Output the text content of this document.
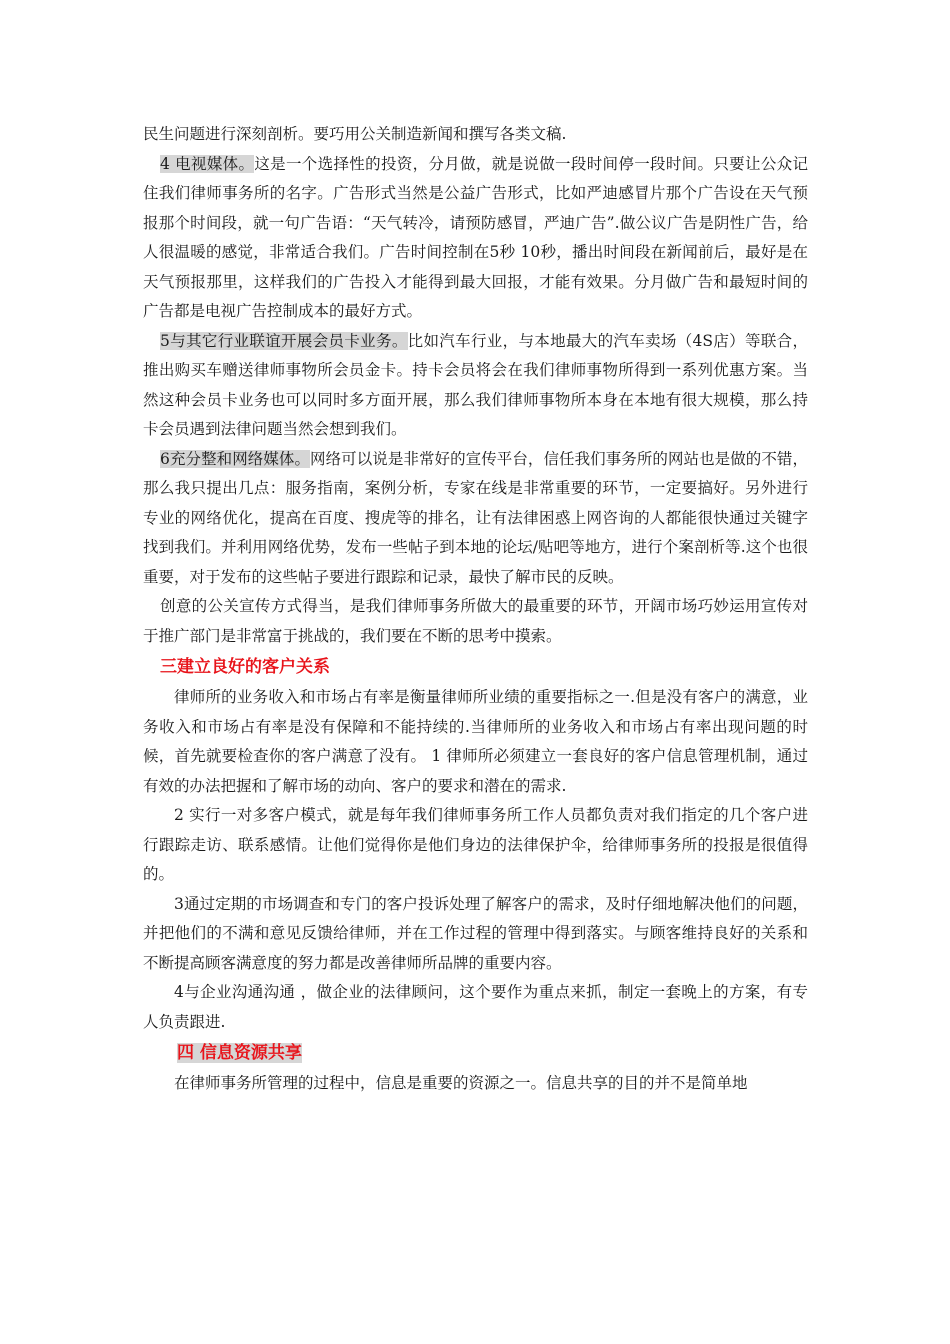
民生问题进行深刻剖析。要巧用公关制造新闻和撰写各类文稿.

4 电视媒体。这是一个选择性的投资，分月做，就是说做一段时间停一段时间。只要让公众记住我们律师事务所的名字。广告形式当然是公益广告形式，比如严迪感冒片那个广告设在天气预报那个时间段，就一句广告语：“天气转冷，请预防感冒，严迪广告”.做公议广告是阴性广告，给人很温暖的感觉，非常适合我们。广告时间控制在5秒 10秒，播出时间段在新闻前后，最好是在天气预报那里，这样我们的广告投入才能得到最大回报，才能有效果。分月做广告和最短时间的广告都是电视广告控制成本的最好方式。

5与其它行业联谊开展会员卡业务。比如汽车行业，与本地最大的汽车卖场（4S店）等联合，推出购买车赠送律师事物所会员金卡。持卡会员将会在我们律师事物所得到一系列优惠方案。当然这种会员卡业务也可以同时多方面开展，那么我们律师事物所本身在本地有很大规模，那么持卡会员遇到法律问题当然会想到我们。

6充分整和网络媒体。网络可以说是非常好的宣传平台，信任我们事务所的网站也是做的不错，那么我只提出几点：服务指南，案例分析，专家在线是非常重要的环节，一定要搞好。另外进行专业的网络优化，提高在百度、搜虎等的排名，让有法律困惑上网咨询的人都能很快通过关键字找到我们。并利用网络优势，发布一些帖子到本地的论坛/贴吧等地方，进行个案剖析等.这个也很重要，对于发布的这些帖子要进行跟踪和记录，最快了解市民的反映。

创意的公关宣传方式得当，是我们律师事务所做大的最重要的环节，开阔市场巧妙运用宣传对于推广部门是非常富于挑战的，我们要在不断的思考中摸索。

三建立良好的客户关系

律师所的业务收入和市场占有率是衡量律师所业绩的重要指标之一.但是没有客户的满意，业务收入和市场占有率是没有保障和不能持续的.当律师所的业务收入和市场占有率出现问题的时候，首先就要检查你的客户满意了没有。 1 律师所必须建立一套良好的客户信息管理机制，通过有效的办法把握和了解市场的动向、客户的要求和潜在的需求.

2 实行一对多客户模式，就是每年我们律师事务所工作人员都负责对我们指定的几个客户进行跟踪走访、联系感情。让他们觉得你是他们身边的法律保护伞，给律师事务所的投报是很值得的。

3通过定期的市场调查和专门的客户投诉处理了解客户的需求，及时仔细地解决他们的问题，并把他们的不满和意见反馈给律师，并在工作过程的管理中得到落实。与顾客维持良好的关系和不断提高顾客满意度的努力都是改善律师所品牌的重要内容。

4与企业沟通沟通 ，做企业的法律顾问，这个要作为重点来抓，制定一套晚上的方案，有专人负责跟进.

四 信息资源共享

在律师事务所管理的过程中，信息是重要的资源之一。信息共享的目的并不是简单地
